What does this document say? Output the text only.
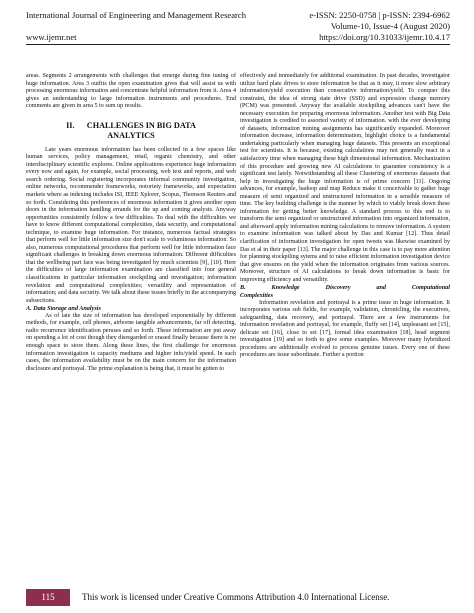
International Journal of Engineering and Management Research	e-ISSN: 2250-0758 | p-ISSN: 2394-6962
Volume-10, Issue-4 (August 2020)
www.ijemr.net	https://doi.org/10.31033/ijemr.10.4.17

areas. Segments 2 arrangements with challenges that emerge during fine tuning of huge information. Area 3 outfits the open examination gives that will assist us with processing enormous information and concentrate helpful information from it. Area 4 gives an understanding to large information instruments and procedures. End comments are given in area 5 to sum up results.

II. CHALLENGES IN BIG DATA
ANALYTICS

Late years enormous information has been collected in a few spaces like human services, policy management, retail, organic chemistry, and other interdisciplinary scientific explores. Online applications experience huge information every now and again, for example, social processing, web text and reports, and web search ordering. Social registering incorporates informal community investigation, online networks, recommender frameworks, notoriety frameworks, and expectation markets where as indexing includes ISI, IEEE Xplorer, Scopus, Thomson Reuters and so forth. Considering this preferences of enormous information it gives another open doors in the information handling errands for the up and coming analysts. Anyway opportunities consistently follow a few difficulties. To deal with the difficulties we have to know different computational complexities, data security, and computational technique, to examine huge information. For instance, numerous factual strategies that perform well for little information size don't scale to voluminous information. So also, numerous computational procedures that perform well for little information face significant challenges in breaking down enormous information. Different difficulties that the wellbeing part face was being investigated by much scientists [9], [10]. Here the difficulties of large information examination are classified into four general classifications in particular information stockpiling and investigation; information revelation and computational complexities; versatility and representation of information; and data security. We talk about these issues briefly in the accompanying subsections.

A. Data Storage and Analysis

As of late the size of information has developed exponentially by different methods, for example, cell phones, airborne tangible advancements, far off detecting, radio recurrence identification peruses and so forth. These information are put away on spending a lot of cost though they disregarded or erased finally because there is no enough space to store them. Along these lines, the first challenge for enormous information investigation is capacity mediums and higher info/yield speed. In such cases, the information availability must be on the main concern for the information disclosure and portrayal. The prime explanation is being that, it must be gotten to

effectively and immediately for additional examination. In past decades, investigator utilize hard plate drives to store information be that as it may, it more slow arbitrary information/yield execution than consecutive information/yield. To conquer this constraint, the idea of strong state drive (SSD) and expression change memory (PCM) was presented. Anyway the available stockpiling advances can't have the necessary execution for preparing enormous information. Another test with Big Data investigation is credited to assorted variety of information. with the ever developing of datasets, information mining assignments has significantly expanded. Moreover information decrease, information determination, highlight choice is a fundamental undertaking particularly when managing huge datasets. This presents an exceptional test for scientists. It is because, existing calculations may not generally react in a satisfactory time when managing these high dimensional information. Mechanization of this procedure and growing new AI calculations to guarantee consistency is a significant test lately. Notwithstanding all these Clustering of enormous datasets that help in investigating the huge information is of prime concern [11]. Ongoing advances, for example, hadoop and map Reduce make it conceivable to gather huge measure of semi organized and unstructured information in a sensible measure of time. The key building challenge is the manner by which to viably break down these information for getting better knowledge. A standard process to this end is to transform the semi organized or unstructured information into organized information, and afterward apply information mining calculations to remove information. A system to examine information was talked about by Das and Kumar [12]. Thus detail clarification of information investigation for open tweets was likewise examined by Das et al in their paper [13]. The major challenge in this case is to pay more attention for planning stockpiling sytems and to raise efficient information investigation device that give ensures on the yield when the information originates from various sources. Moreover, structure of AI calculations to break down information is basic for improving efficiency and versatility.

B. Knowledge Discovery and Computational
Complexities

Information revelation and portrayal is a prime issue in huge information. It incorporates various sub fields, for example, validation, chronicling, the executives, safeguarding, data recovery, and portrayal. There are a few instruments for information revelation and portrayal, for example, fluffy set [14], unpleasant set [15], delicate set [16], close to set [17], formal idea examination [18], head segment investigation [19] and so forth to give some examples. Moreover many hybridized procedures are additionally evolved to process genuine issues. Every one of these procedures are issue subordinate. Further a portion

115	This work is licensed under Creative Commons Attribution 4.0 International License.
